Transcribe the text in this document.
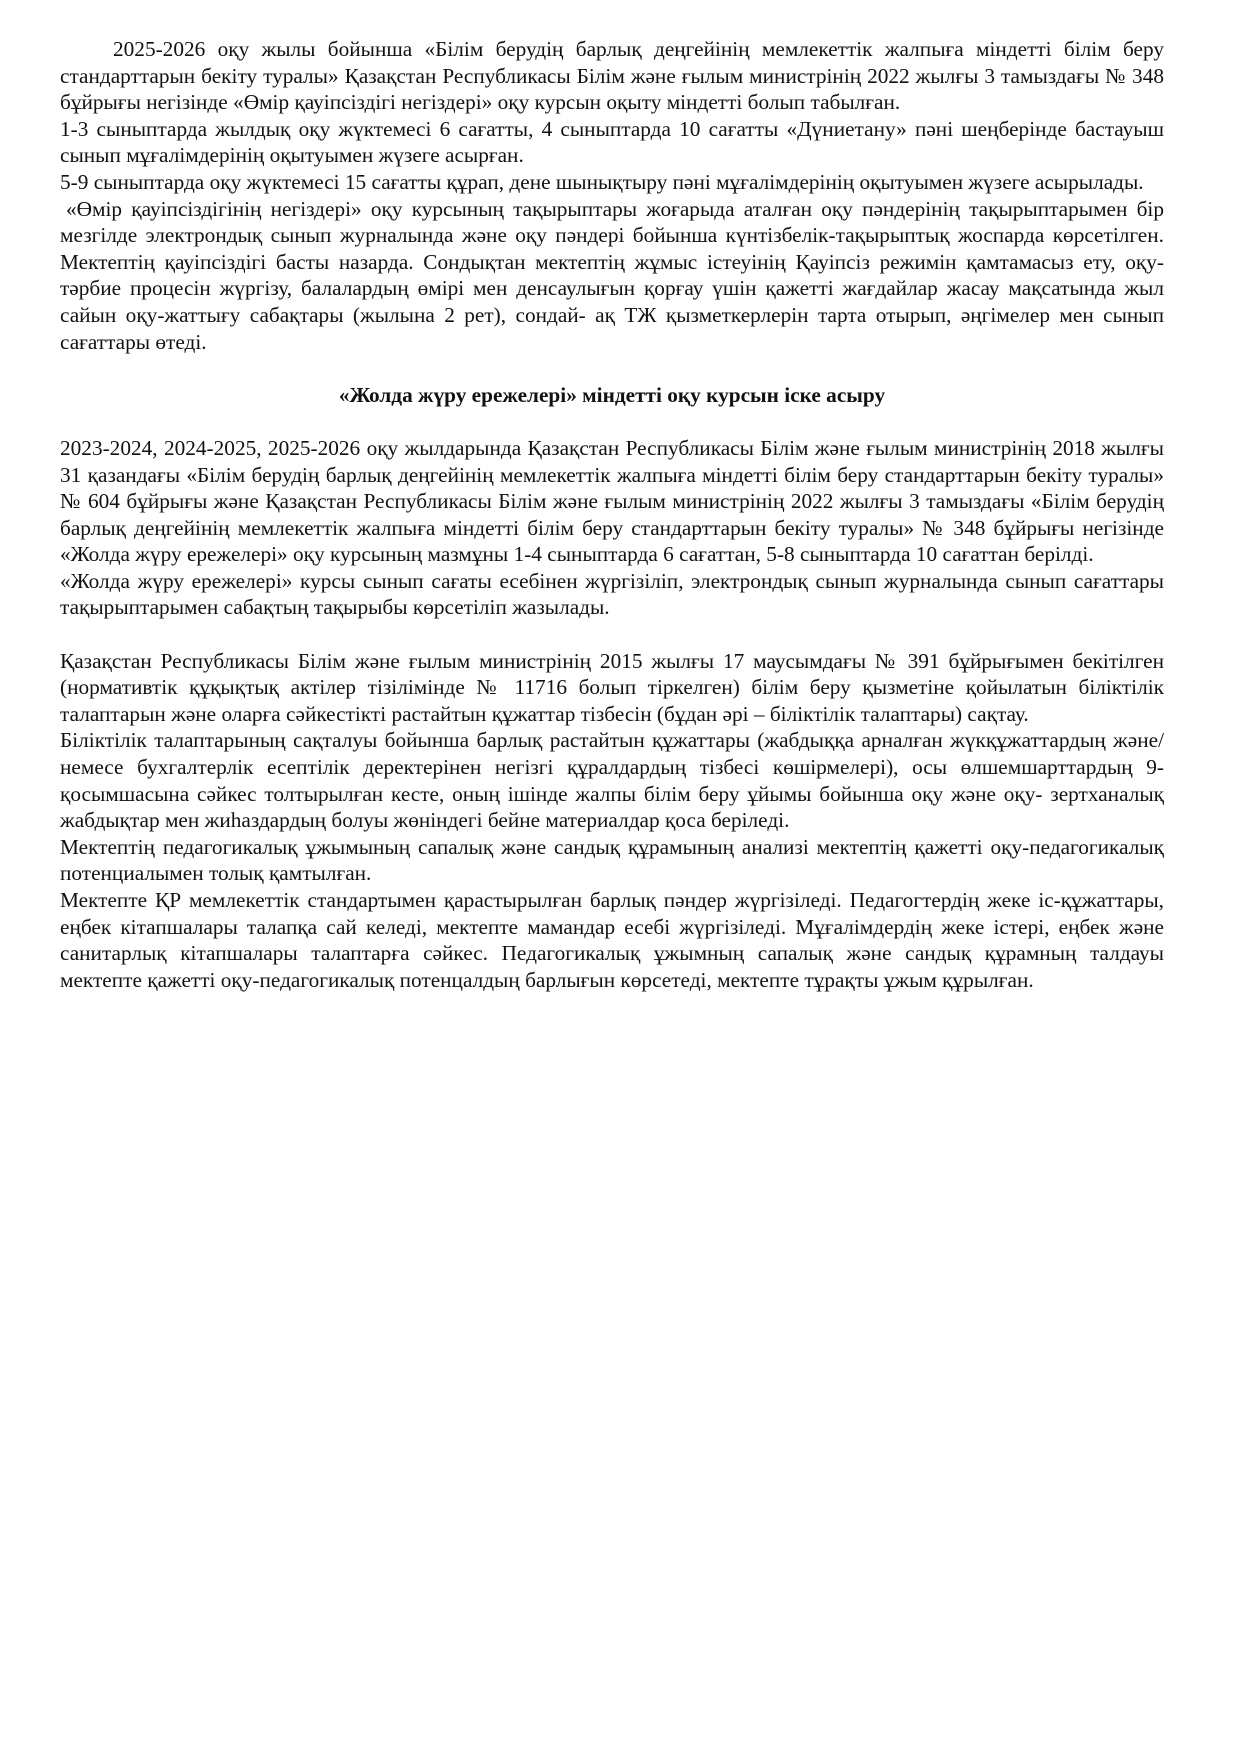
2025-2026 оқу жылы бойынша «Білім берудің барлық деңгейінің мемлекеттік жалпыға міндетті білім беру стандарттарын бекіту туралы» Қазақстан Республикасы Білім және ғылым министрінің 2022 жылғы 3 тамыздағы № 348 бұйрығы негізінде «Өмір қауіпсіздігі негіздері» оқу курсын оқыту міндетті болып табылған.

1-3 сыныптарда жылдық оқу жүктемесі 6 сағатты, 4 сыныптарда 10 сағатты «Дүниетану» пәні шеңберінде бастауыш сынып мұғалімдерінің оқытуымен жүзеге асырған.

5-9 сыныптарда оқу жүктемесі 15 сағатты құрап, дене шынықтыру пәні мұғалімдерінің оқытуымен жүзеге асырылады.

«Өмір қауіпсіздігінің негіздері» оқу курсының тақырыптары жоғарыда аталған оқу пәндерінің тақырыптарымен бір мезгілде электрондық сынып журналында және оқу пәндері бойынша күнтізбелік-тақырыптық жоспарда көрсетілген. Мектептің қауіпсіздігі басты назарда. Сондықтан мектептің жұмыс істеуінің Қауіпсіз режимін қамтамасыз ету, оқу- тәрбие процесін жүргізу, балалардың өмірі мен денсаулығын қорғау үшін қажетті жағдайлар жасау мақсатында жыл сайын оқу-жаттығу сабақтары (жылына 2 рет), сондай- ақ ТЖ қызметкерлерін тарта отырып, әңгімелер мен сынып сағаттары өтеді.

«Жолда жүру ережелері» міндетті оқу курсын іске асыру

2023-2024, 2024-2025, 2025-2026 оқу жылдарында Қазақстан Республикасы Білім және ғылым министрінің 2018 жылғы 31 қазандағы «Білім берудің барлық деңгейінің мемлекеттік жалпыға міндетті білім беру стандарттарын бекіту туралы» № 604 бұйрығы және Қазақстан Республикасы Білім және ғылым министрінің 2022 жылғы 3 тамыздағы «Білім берудің барлық деңгейінің мемлекеттік жалпыға міндетті білім беру стандарттарын бекіту туралы» № 348 бұйрығы негізінде «Жолда жүру ережелері» оқу курсының мазмұны 1-4 сыныптарда 6 сағаттан, 5-8 сыныптарда 10 сағаттан берілді.

«Жолда жүру ережелері» курсы сынып сағаты есебінен жүргізіліп, электрондық сынып журналында сынып сағаттары тақырыптарымен сабақтың тақырыбы көрсетіліп жазылады.

Қазақстан Республикасы Білім және ғылым министрінің 2015 жылғы 17 маусымдағы № 391 бұйрығымен бекітілген (нормативтік құқықтық актілер тізілімінде № 11716 болып тіркелген) білім беру қызметіне қойылатын біліктілік талаптарын және оларға сәйкестікті растайтын құжаттар тізбесін (бұдан әрі – біліктілік талаптары) сақтау.

Біліктілік талаптарының сақталуы бойынша барлық растайтын құжаттары (жабдыққа арналған жүкқұжаттардың және/немесе бухгалтерлік есептілік деректерінен негізгі құралдардың тізбесі көшірмелері), осы өлшемшарттардың 9-қосымшасына сәйкес толтырылған кесте, оның ішінде жалпы білім беру ұйымы бойынша оқу және оқу- зертханалық жабдықтар мен жиһаздардың болуы жөніндегі бейне материалдар қоса беріледі.

Мектептің педагогикалық ұжымының сапалық және сандық құрамының анализі мектептің қажетті оқу-педагогикалық потенциалымен толық қамтылған.

Мектепте ҚР мемлекеттік стандартымен қарастырылған барлық пәндер жүргізіледі. Педагогтердің жеке іс-құжаттары, еңбек кітапшалары талапқа сай келеді, мектепте мамандар есебі жүргізіледі. Мұғалімдердің жеке істері, еңбек және санитарлық кітапшалары талаптарға сәйкес. Педагогикалық ұжымның сапалық және сандық құрамның талдауы мектепте қажетті оқу-педагогикалық потенцалдың барлығын көрсетеді, мектепте тұрақты ұжым құрылған.
